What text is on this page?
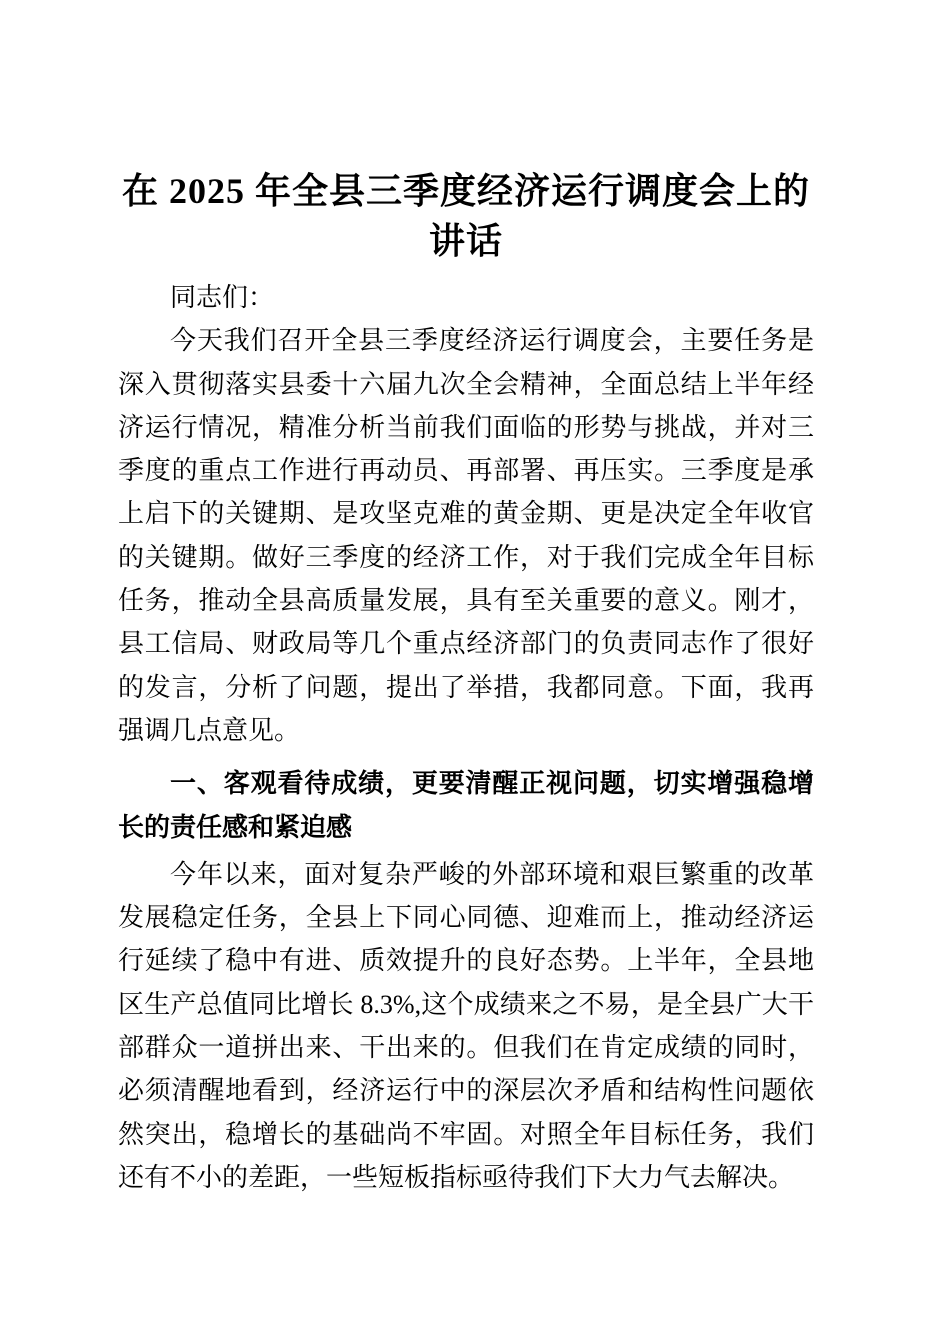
在 2025 年全县三季度经济运行调度会上的讲话

同志们：

今天我们召开全县三季度经济运行调度会，主要任务是深入贯彻落实县委十六届九次全会精神，全面总结上半年经济运行情况，精准分析当前我们面临的形势与挑战，并对三季度的重点工作进行再动员、再部署、再压实。三季度是承上启下的关键期、是攻坚克难的黄金期、更是决定全年收官的关键期。做好三季度的经济工作，对于我们完成全年目标任务，推动全县高质量发展，具有至关重要的意义。刚才，县工信局、财政局等几个重点经济部门的负责同志作了很好的发言，分析了问题，提出了举措，我都同意。下面，我再强调几点意见。

一、客观看待成绩，更要清醒正视问题，切实增强稳增长的责任感和紧迫感

今年以来，面对复杂严峻的外部环境和艰巨繁重的改革发展稳定任务，全县上下同心同德、迎难而上，推动经济运行延续了稳中有进、质效提升的良好态势。上半年，全县地区生产总值同比增长 8.3%,这个成绩来之不易，是全县广大干部群众一道拼出来、干出来的。但我们在肯定成绩的同时，必须清醒地看到，经济运行中的深层次矛盾和结构性问题依然突出，稳增长的基础尚不牢固。对照全年目标任务，我们还有不小的差距，一些短板指标亟待我们下大力气去解决。
